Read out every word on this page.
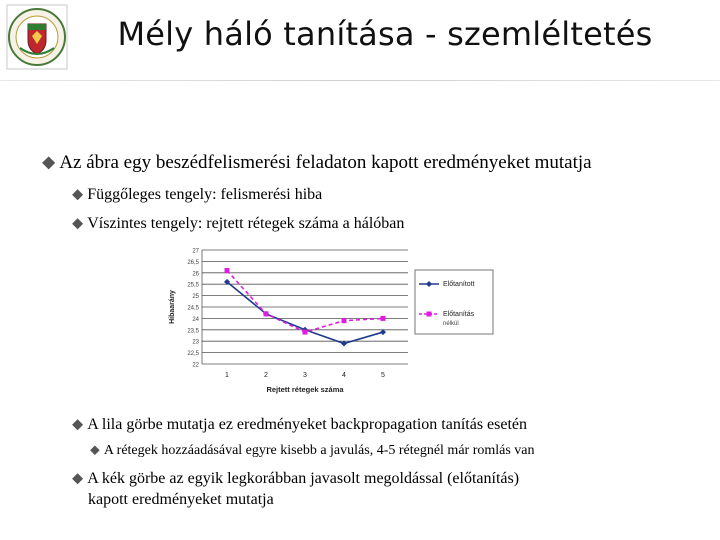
Mély háló tanítása - szemléltetés
⬥ Az ábra egy beszédfelismerési feladaton kapott eredményeket mutatja
⬥ Függőleges tengely: felismerési hiba
⬥ Víszintes tengely: rejtett rétegek száma a hálóban
22
22,5
23
23,5
24
24,5
25
25,5
26
26,5
27
1	2	3	4	5
Rejtett rétegek száma
Hibaarány
Előtanított
Előtanítás
nélkül
⬥ A lila görbe mutatja ez eredményeket backpropagation tanítás esetén
⬥ A rétegek hozzáadásával egyre kisebb a javulás, 4-5 rétegnél már romlás van
⬥ A kék görbe az egyik legkorábban javasolt megoldással (előtanítás)
kapott eredményeket mutatja
